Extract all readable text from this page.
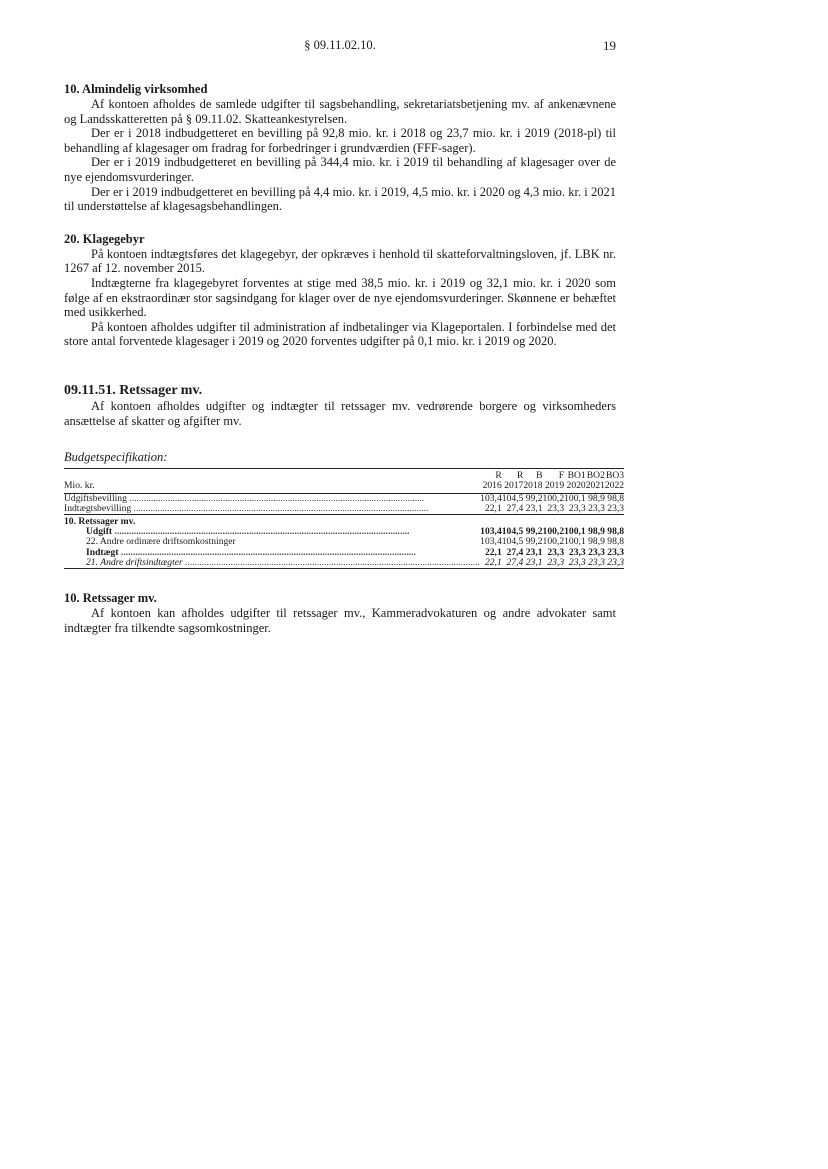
§ 09.11.02.10.	19

10. Almindelig virksomhed

Af kontoen afholdes de samlede udgifter til sagsbehandling, sekretariatsbetjening mv. af ankenævnene og Landsskatteretten på § 09.11.02. Skatteankestyrelsen.

Der er i 2018 indbudgetteret en bevilling på 92,8 mio. kr. i 2018 og 23,7 mio. kr. i 2019 (2018-pl) til behandling af klagesager om fradrag for forbedringer i grundværdien (FFF-sager).

Der er i 2019 indbudgetteret en bevilling på 344,4 mio. kr. i 2019 til behandling af klagesager over de nye ejendomsvurderinger.

Der er i 2019 indbudgetteret en bevilling på 4,4 mio. kr. i 2019, 4,5 mio. kr. i 2020 og 4,3 mio. kr. i 2021 til understøttelse af klagesagsbehandlingen.

20. Klagegebyr

På kontoen indtægtsføres det klagegebyr, der opkræves i henhold til skatteforvaltningsloven, jf. LBK nr. 1267 af 12. november 2015.

Indtægterne fra klagegebyret forventes at stige med 38,5 mio. kr. i 2019 og 32,1 mio. kr. i 2020 som følge af en ekstraordinær stor sagsindgang for klager over de nye ejendomsvurderinger. Skønnene er behæftet med usikkerhed.

På kontoen afholdes udgifter til administration af indbetalinger via Klageportalen. I forbindelse med det store antal forventede klagesager i 2019 og 2020 forventes udgifter på 0,1 mio. kr. i 2019 og 2020.

09.11.51. Retssager mv.

Af kontoen afholdes udgifter og indtægter til retssager mv. vedrørende borgere og virksomheders ansættelse af skatter og afgifter mv.

Budgetspecifikation:

	R	R	B	F	BO1	BO2	BO3
Mio. kr.	2016	2017	2018	2019	2020	2021	2022

Udgiftsbevilling .....	103,4	104,5	99,2	100,2	100,1	98,9	98,8

Indtægtsbevilling .....	22,1	27,4	23,1	23,3	23,3	23,3	23,3
10. Retssager mv.							

Udgift .....	103,4	104,5	99,2	100,2	100,1	98,9	98,8
22. Andre ordinære driftsomkostninger	103,4	104,5	99,2	100,2	100,1	98,9	98,8

Indtægt .....	22,1	27,4	23,1	23,3	23,3	23,3	23,3

21. Andre driftsindtægter .....	22,1	27,4	23,1	23,3	23,3	23,3	23,3

10. Retssager mv.

Af kontoen kan afholdes udgifter til retssager mv., Kammeradvokaturen og andre advokater samt indtægter fra tilkendte sagsomkostninger.
